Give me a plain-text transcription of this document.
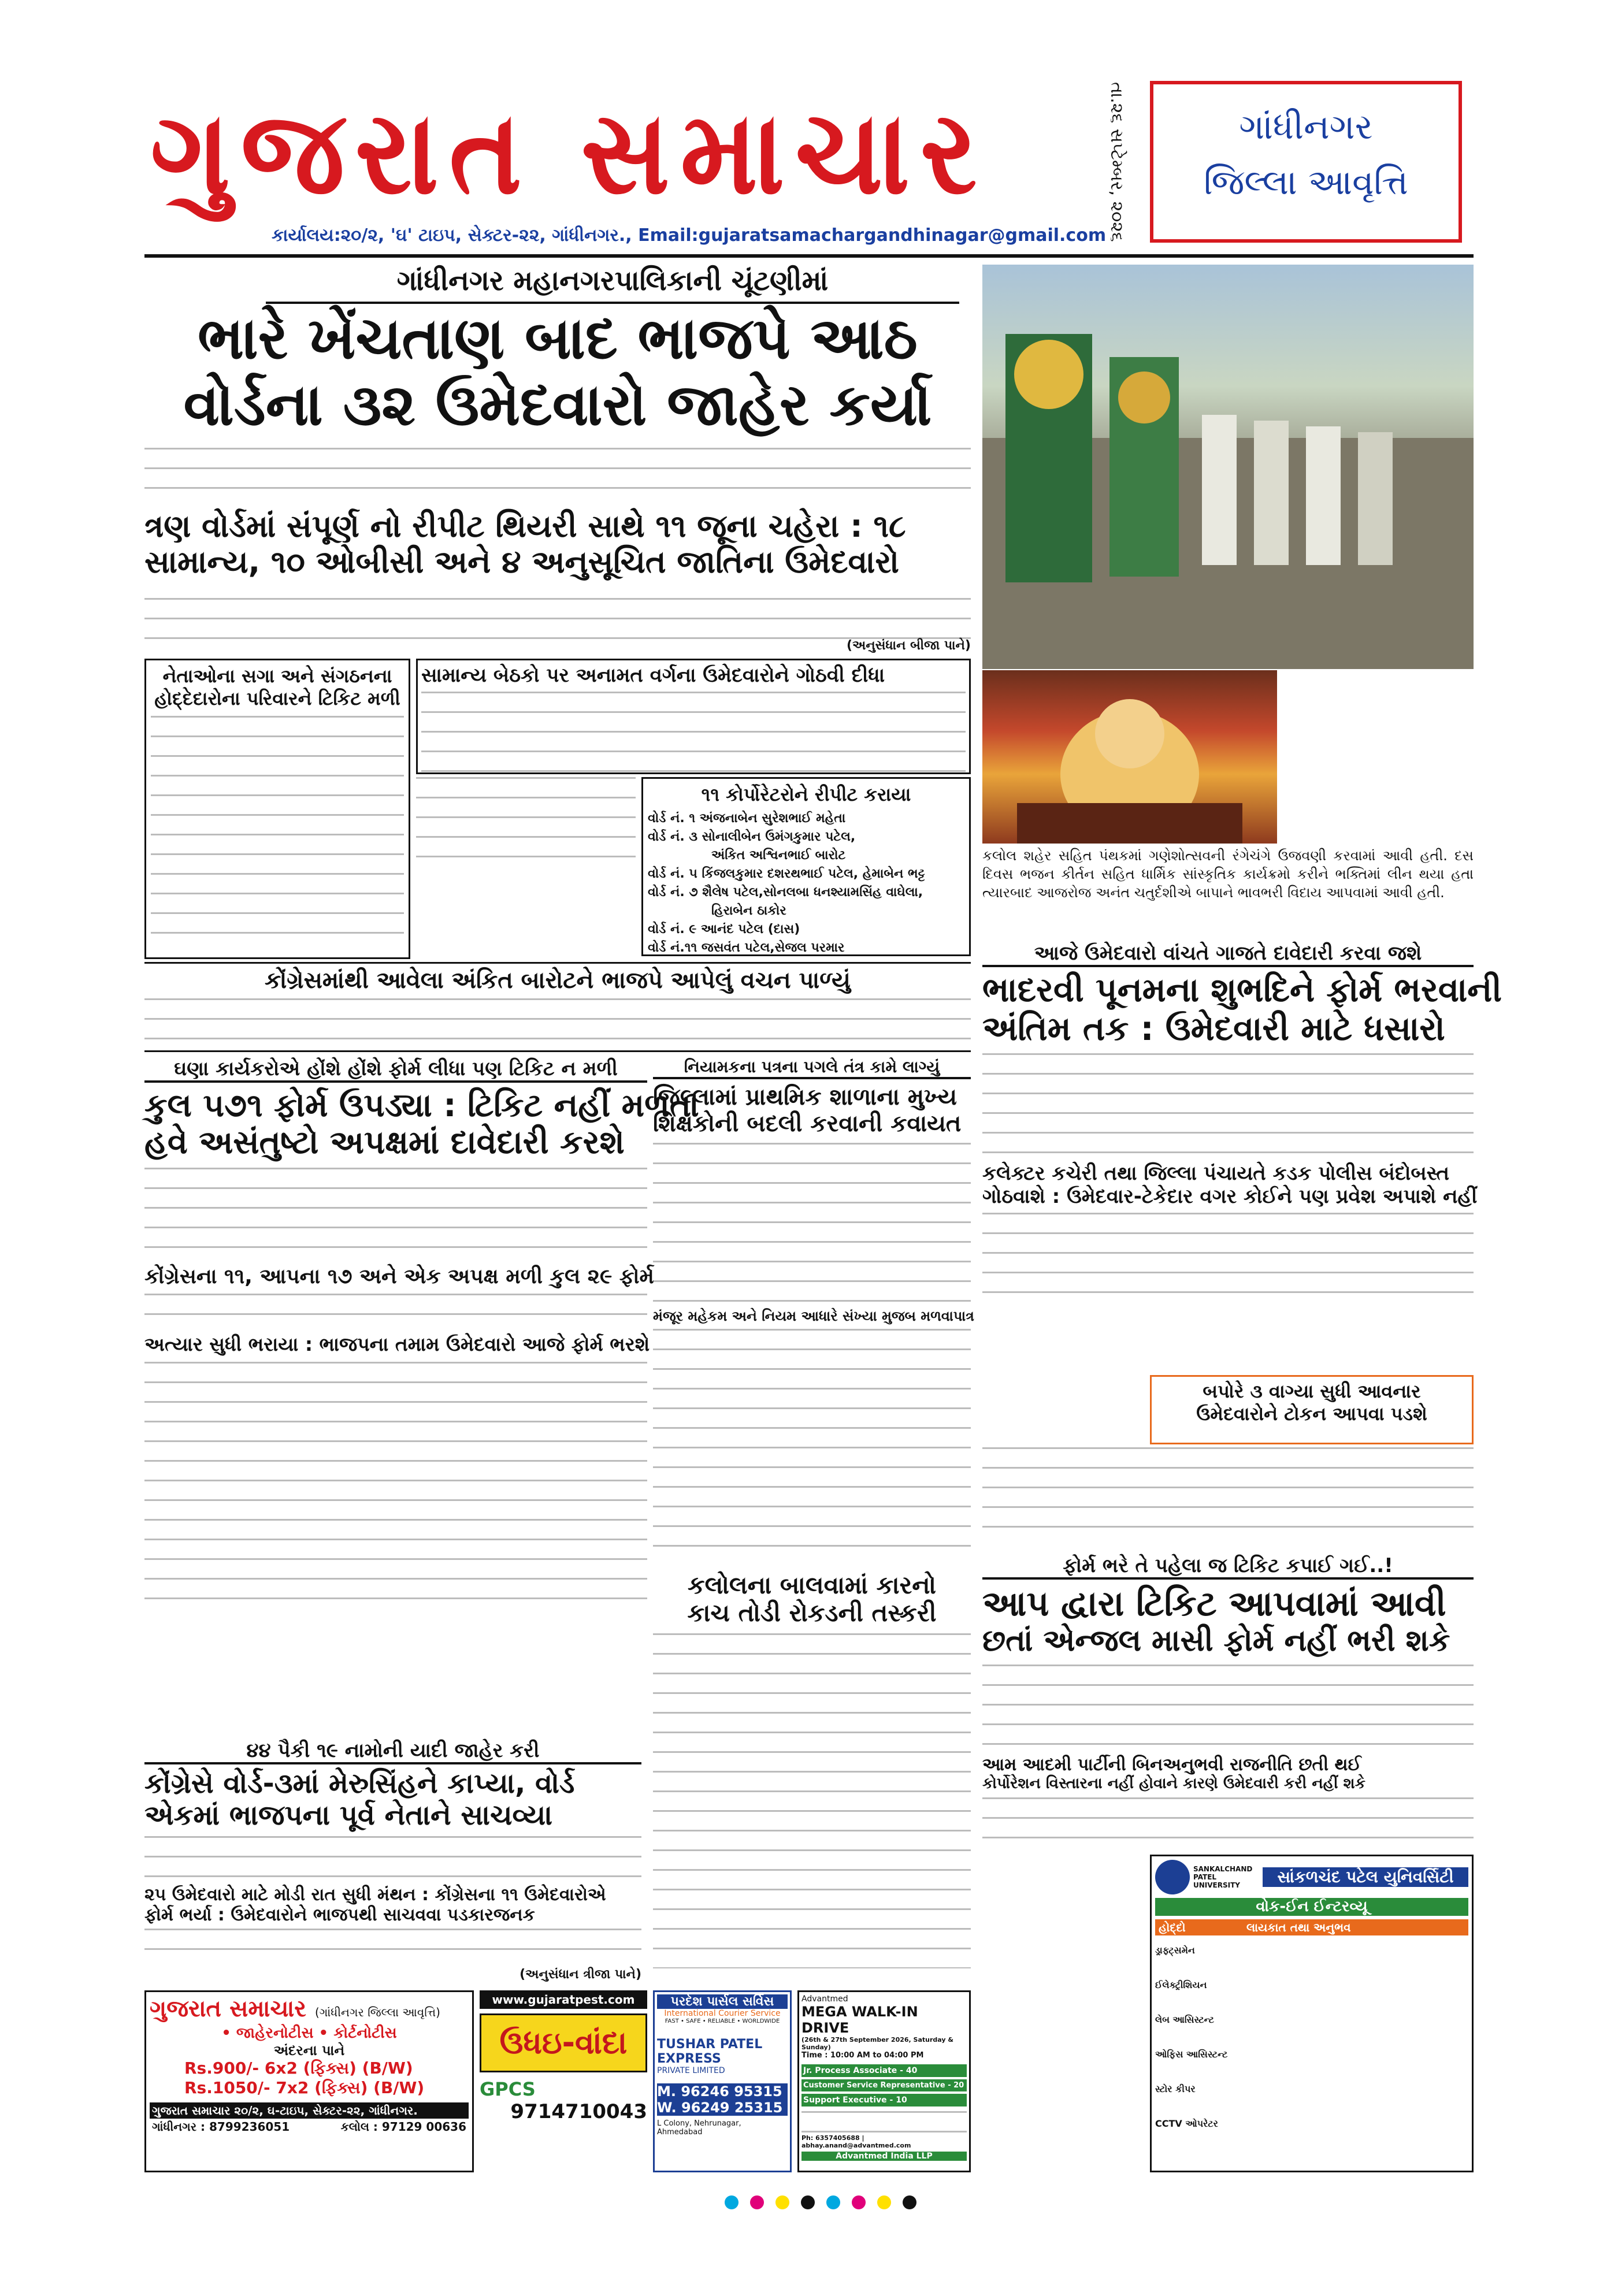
ગુજરાત સમાચાર
કાર્યાલય:૨૦/૨, 'ઘ' ટાઇપ, સેક્ટર-૨૨, ગાંધીનગર., Email:gujaratsamachargandhinagar@gmail.com તા.૨૬ સપ્ટેમ્બર, ૨૦૨૬	ગાંધીનગર
જિલ્લા આવૃત્તિ
ગાંધીનગર મહાનગરપાલિકાની ચૂંટણીમાં
ભારે ખેંચતાણ બાદ ભાજપે આઠ
વોર્ડના ૩૨ ઉમેદવારો જાહેર કર્યા
ત્રણ વોર્ડમાં સંપૂર્ણ નો રીપીટ થિયરી સાથે ૧૧ જૂના ચહેરા : ૧૮
સામાન્ય, ૧૦ ઓબીસી અને ૪ અનુસૂચિત જાતિના ઉમેદવારો
(અનુસંધાન બીજા પાને)
કલોલ શહેર સહિત પંથકમાં ગણેશોત્સવની રંગેચંગે ઉજવણી કરવામાં આવી હતી. દસ દિવસ ભજન કીર્તન સહિત ધાર્મિક સાંસ્કૃતિક કાર્યક્રમો કરીને ભક્તિમાં લીન થયા હતા ત્યારબાદ આજરોજ અનંત ચતુર્દશીએ બાપાને ભાવભરી વિદાય આપવામાં આવી હતી.
નેતાઓના સગા અને સંગઠનના
હોદ્દેદારોના પરિવારને ટિકિટ મળી
સામાન્ય બેઠકો પર અનામત વર્ગના ઉમેદવારોને ગોઠવી દીધા
૧૧ કોર્પોરેટરોને રીપીટ કરાયા
વોર્ડ નં. ૧ અંજનાબેન સુરેશભાઈ મહેતા
વોર્ડ નં. ૩ સોનાલીબેન ઉમંગકુમાર પટેલ,
અંકિત અશ્વિનભાઈ બારોટ
વોર્ડ નં. ૫ કિંજલકુમાર દશરથભાઈ પટેલ, હેમાબેન ભટ્ટ
વોર્ડ નં. ૭ શૈલેષ પટેલ,સોનલબા ધનશ્યામસિંહ વાઘેલા,
હિરાબેન ઠાકોર
વોર્ડ નં. ૯ આનંદ પટેલ (દાસ)
વોર્ડ નં.૧૧ જસવંત પટેલ,સેજલ પરમાર
કોંગ્રેસમાંથી આવેલા અંકિત બારોટને ભાજપે આપેલું વચન પાળ્યું
આજે ઉમેદવારો વાંચતે ગાજતે દાવેદારી કરવા જશે
ભાદરવી પૂનમના શુભદિને ફોર્મ ભરવાની
અંતિમ તક : ઉમેદવારી માટે ધસારો
કલેક્ટર કચેરી તથા જિલ્લા પંચાયતે કડક પોલીસ બંદોબસ્ત
ગોઠવાશે : ઉમેદવાર-ટેકેદાર વગર કોઈને પણ પ્રવેશ અપાશે નહીં
બપોરે ૩ વાગ્યા સુધી આવનાર
ઉમેદવારોને ટોકન આપવા પડશે
ઘણા કાર્યકરોએ હોંશે હોંશે ફોર્મ લીધા પણ ટિકિટ ન મળી
કુલ ૫૭૧ ફોર્મ ઉપડ્યા : ટિકિટ નહીં મળતા
હવે અસંતુષ્ટો અપક્ષમાં દાવેદારી કરશે
કોંગ્રેસના ૧૧, આપના ૧૭ અને એક અપક્ષ મળી કુલ ૨૯ ફોર્મ
અત્યાર સુધી ભરાયા : ભાજપના તમામ ઉમેદવારો આજે ફોર્મ ભરશે
નિયામકના પત્રના પગલે તંત્ર કામે લાગ્યું
જિલ્લામાં પ્રાથમિક શાળાના મુખ્ય
શિક્ષકોની બદલી કરવાની કવાયત
મંજૂર મહેકમ અને નિયમ આધારે સંખ્યા મુજબ મળવાપાત્ર
ફોર્મ ભરે તે પહેલા જ ટિકિટ કપાઈ ગઈ..!
આપ દ્વારા ટિકિટ આપવામાં આવી
છતાં એન્જલ માસી ફોર્મ નહીં ભરી શકે
આમ આદમી પાર્ટીની બિનઅનુભવી રાજનીતિ છતી થઈ
કોર્પોરેશન વિસ્તારના નહીં હોવાને કારણે ઉમેદવારી કરી નહીં શકે
૪૪ પૈકી ૧૯ નામોની યાદી જાહેર કરી
કોંગ્રેસે વોર્ડ-૩માં મેરુસિંહને કાપ્યા, વોર્ડ
એકમાં ભાજપના પૂર્વ નેતાને સાચવ્યા
૨૫ ઉમેદવારો માટે મોડી રાત સુધી મંથન : કોંગ્રેસના ૧૧ ઉમેદવારોએ
ફોર્મ ભર્યા : ઉમેદવારોને ભાજપથી સાચવવા પડકારજનક
(અનુસંધાન ત્રીજા પાને)
કલોલના બાલવામાં કારનો
કાચ તોડી રોકડની તસ્કરી
ગુજરાત સમાચાર (ગાંધીનગર જિલ્લા આવૃત્તિ)
• જાહેરનોટીસ • કોર્ટનોટીસ
અંદરના પાને
Rs.900/- 6x2 (ફિક્સ) (B/W)
Rs.1050/- 7x2 (ફિક્સ) (B/W)
ગુજરાત સમાચાર ૨૦/૨, ઘ-ટાઇપ, સેક્ટર-૨૨, ગાંધીનગર.
ગાંધીનગર : 8799236051	કલોલ : 97129 00636
www.gujaratpest.com
ઉધઇ-વાંદા
GPCS
9714710043
પરદેશ પાર્સલ સર્વિસ
International Courier Service
FAST • SAFE • RELIABLE • WORLDWIDE
TUSHAR PATEL EXPRESS
PRIVATE LIMITED
M. 96246 95315
W. 96249 25315
L Colony, Nehrunagar, Ahmedabad
Advantmed
MEGA WALK-IN DRIVE
(26th & 27th September 2026, Saturday & Sunday)
Time : 10:00 AM to 04:00 PM
Jr. Process Associate - 40
Customer Service Representative - 20
Support Executive - 10
Ph: 6357405688 | abhay.anand@advantmed.com
Advantmed India LLP
SANKALCHAND PATEL UNIVERSITY	સાંકળચંદ પટેલ યુનિવર્સિટી
વોક-ઈન ઈન્ટરવ્યૂ
હોદ્દો	લાયકાત તથા અનુભવ
ડ્રાફ્ટ્સમેન
ઈલેક્ટ્રીશિયન
લેબ આસિસ્ટન્ટ
ઓફિસ આસિસ્ટન્ટ
સ્ટોર કીપર
CCTV ઓપરેટર
